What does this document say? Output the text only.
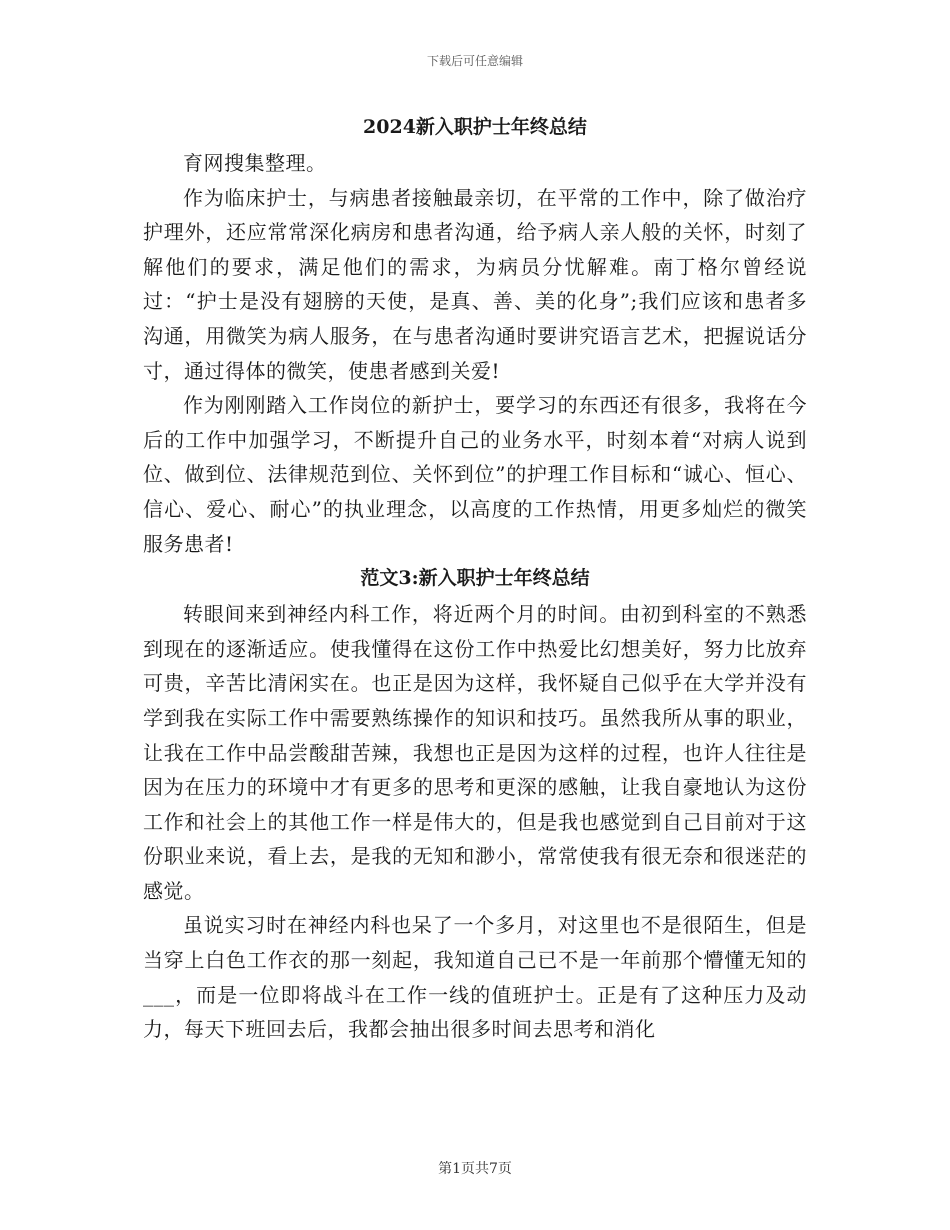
下载后可任意编辑
2024新入职护士年终总结

育网搜集整理。

作为临床护士，与病患者接触最亲切，在平常的工作中，除了做治疗护理外，还应常常深化病房和患者沟通，给予病人亲人般的关怀，时刻了解他们的要求，满足他们的需求，为病员分忧解难。南丁格尔曾经说过：“护士是没有翅膀的天使，是真、善、美的化身”;我们应该和患者多沟通，用微笑为病人服务，在与患者沟通时要讲究语言艺术，把握说话分寸，通过得体的微笑，使患者感到关爱!

作为刚刚踏入工作岗位的新护士，要学习的东西还有很多，我将在今后的工作中加强学习，不断提升自己的业务水平，时刻本着“对病人说到位、做到位、法律规范到位、关怀到位”的护理工作目标和“诚心、恒心、信心、爱心、耐心”的执业理念，以高度的工作热情，用更多灿烂的微笑服务患者!

范文3:新入职护士年终总结

转眼间来到神经内科工作，将近两个月的时间。由初到科室的不熟悉到现在的逐渐适应。使我懂得在这份工作中热爱比幻想美好，努力比放弃可贵，辛苦比清闲实在。也正是因为这样，我怀疑自己似乎在大学并没有学到我在实际工作中需要熟练操作的知识和技巧。虽然我所从事的职业，让我在工作中品尝酸甜苦辣，我想也正是因为这样的过程，也许人往往是因为在压力的环境中才有更多的思考和更深的感触，让我自豪地认为这份工作和社会上的其他工作一样是伟大的，但是我也感觉到自己目前对于这份职业来说，看上去，是我的无知和渺小，常常使我有很无奈和很迷茫的感觉。

虽说实习时在神经内科也呆了一个多月，对这里也不是很陌生，但是当穿上白色工作衣的那一刻起，我知道自己已不是一年前那个懵懂无知的___，而是一位即将战斗在工作一线的值班护士。正是有了这种压力及动力，每天下班回去后，我都会抽出很多时间去思考和消化

第1页共7页
